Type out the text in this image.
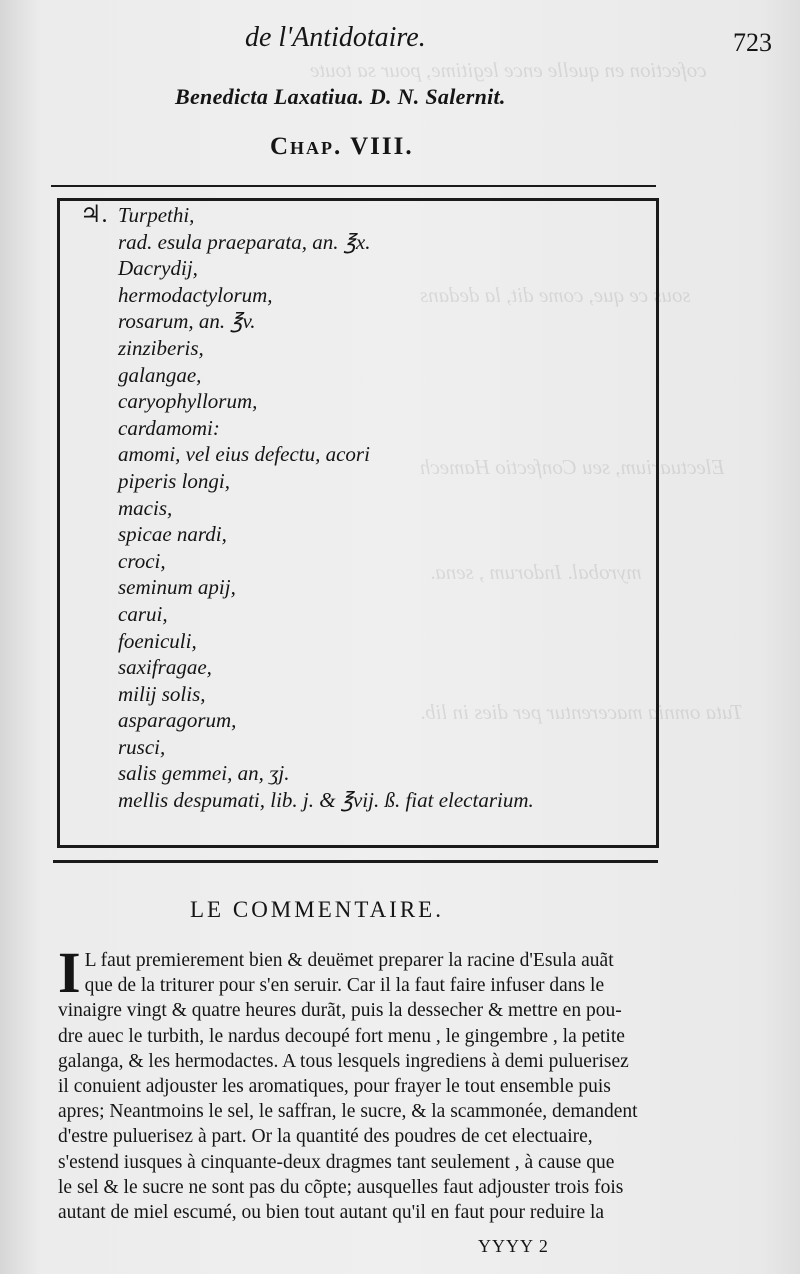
cofection en quelle ence legitime, pour sa toute
sous ce que, come dit, la dedans
Electuarium, seu Confectio Hamech
myrobal. Indorum , sena.
Tuta omnia macerentur per dies in lib.
de l'Antidotaire.	723
Benedicta Laxatiua. D. N. Salernit.
Chap. VIII.
♃. Turpethi,
rad. esula praeparata, an. ℥x.
Dacrydij,
hermodactylorum,
rosarum, an. ℥v.
zinziberis,
galangae,
caryophyllorum,
cardamomi:
amomi, vel eius defectu, acori
piperis longi,
macis,
spicae nardi,
croci,
seminum apij,
carui,
foeniculi,
saxifragae,
milij solis,
asparagorum,
rusci,
salis gemmei, an, ʒj.
mellis despumati, lib. j. & ℥vij. ß. fiat electarium.
LE COMMENTAIRE.

I L faut premierement bien & deuëmet preparer la racine d'Esula auãt
que de la triturer pour s'en seruir. Car il la faut faire infuser dans le
vinaigre vingt & quatre heures durãt, puis la dessecher & mettre en pou-
dre auec le turbith, le nardus decoupé fort menu , le gingembre , la petite
galanga, & les hermodactes. A tous lesquels ingrediens à demi puluerisez
il conuient adjouster les aromatiques, pour frayer le tout ensemble puis
apres; Neantmoins le sel, le saffran, le sucre, & la scammonée, demandent
d'estre puluerisez à part. Or la quantité des poudres de cet electuaire,
s'estend iusques à cinquante-deux dragmes tant seulement , à cause que
le sel & le sucre ne sont pas du cõpte; ausquelles faut adjouster trois fois
autant de miel escumé, ou bien tout autant qu'il en faut pour reduire la

YYYY 2
